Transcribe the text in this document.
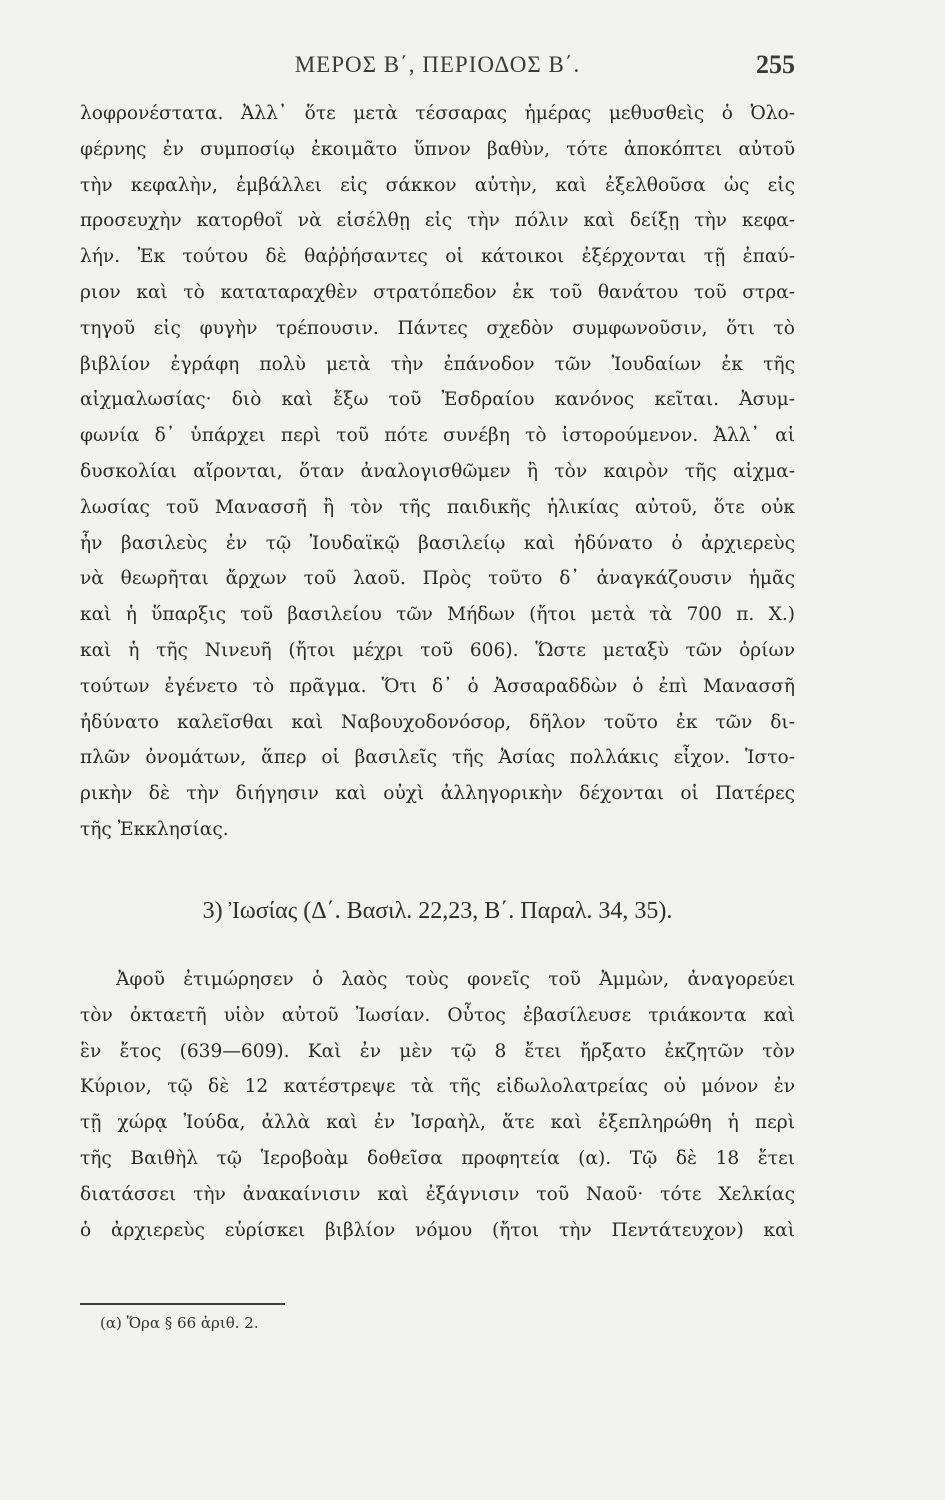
ΜΕΡΟΣ Β΄, ΠΕΡΙΟΔΟΣ Β΄.	255
λοφρονέστατα. Ἀλλ᾽ ὅτε μετὰ τέσσαρας ἡμέρας μεθυσθεὶς ὁ Ὀλο-
φέρνης ἐν συμποσίῳ ἐκοιμᾶτο ὕπνον βαθὺν, τότε ἀποκόπτει αὐτοῦ
τὴν κεφαλὴν, ἐμβάλλει εἰς σάκκον αὐτὴν, καὶ ἐξελθοῦσα ὡς εἰς
προσευχὴν κατορθοῖ νὰ εἰσέλθῃ εἰς τὴν πόλιν καὶ δείξῃ τὴν κεφα-
λήν. Ἐκ τούτου δὲ θαῤῥήσαντες οἱ κάτοικοι ἐξέρχονται τῇ ἐπαύ-
ριον καὶ τὸ καταταραχθὲν στρατόπεδον ἐκ τοῦ θανάτου τοῦ στρα-
τηγοῦ εἰς φυγὴν τρέπουσιν. Πάντες σχεδὸν συμφωνοῦσιν, ὅτι τὸ
βιβλίον ἐγράφη πολὺ μετὰ τὴν ἐπάνοδον τῶν Ἰουδαίων ἐκ τῆς
αἰχμαλωσίας· διὸ καὶ ἔξω τοῦ Ἐσδραίου κανόνος κεῖται. Ἀσυμ-
φωνία δ᾽ ὑπάρχει περὶ τοῦ πότε συνέβη τὸ ἱστορούμενον. Ἀλλ᾽ αἱ
δυσκολίαι αἴρονται, ὅταν ἀναλογισθῶμεν ἢ τὸν καιρὸν τῆς αἰχμα-
λωσίας τοῦ Μανασσῆ ἢ τὸν τῆς παιδικῆς ἡλικίας αὐτοῦ, ὅτε οὐκ
ἦν βασιλεὺς ἐν τῷ Ἰουδαϊκῷ βασιλείῳ καὶ ἠδύνατο ὁ ἀρχιερεὺς
νὰ θεωρῆται ἄρχων τοῦ λαοῦ. Πρὸς τοῦτο δ᾽ ἀναγκάζουσιν ἡμᾶς
καὶ ἡ ὕπαρξις τοῦ βασιλείου τῶν Μήδων (ἤτοι μετὰ τὰ 700 π. Χ.)
καὶ ἡ τῆς Νινευῆ (ἤτοι μέχρι τοῦ 606). Ὥστε μεταξὺ τῶν ὁρίων
τούτων ἐγένετο τὸ πρᾶγμα. Ὅτι δ᾽ ὁ Ἀσσαραδδὼν ὁ ἐπὶ Μανασσῆ
ἠδύνατο καλεῖσθαι καὶ Ναβουχοδονόσορ, δῆλον τοῦτο ἐκ τῶν δι-
πλῶν ὀνομάτων, ἅπερ οἱ βασιλεῖς τῆς Ἀσίας πολλάκις εἶχον. Ἱστο-
ρικὴν δὲ τὴν διήγησιν καὶ οὐχὶ ἀλληγορικὴν δέχονται οἱ Πατέρες
τῆς Ἐκκλησίας.
3) Ἰωσίας (Δ΄. Βασιλ. 22,23, Β΄. Παραλ. 34, 35).
Ἀφοῦ ἐτιμώρησεν ὁ λαὸς τοὺς φονεῖς τοῦ Ἀμμὼν, ἀναγορεύει
τὸν ὀκταετῆ υἱὸν αὐτοῦ Ἰωσίαν. Οὗτος ἐβασίλευσε τριάκοντα καὶ
ἓν ἔτος (639—609). Καὶ ἐν μὲν τῷ 8 ἔτει ἤρξατο ἐκζητῶν τὸν
Κύριον, τῷ δὲ 12 κατέστρεψε τὰ τῆς εἰδωλολατρείας οὐ μόνον ἐν
τῇ χώρᾳ Ἰούδα, ἀλλὰ καὶ ἐν Ἰσραὴλ, ἅτε καὶ ἐξεπληρώθη ἡ περὶ
τῆς Βαιθὴλ τῷ Ἱεροβοὰμ δοθεῖσα προφητεία (α). Τῷ δὲ 18 ἔτει
διατάσσει τὴν ἀνακαίνισιν καὶ ἐξάγνισιν τοῦ Ναοῦ· τότε Χελκίας
ὁ ἀρχιερεὺς εὑρίσκει βιβλίον νόμου (ἤτοι τὴν Πεντάτευχον) καὶ
(α) Ὅρα § 66 ἀριθ. 2.
